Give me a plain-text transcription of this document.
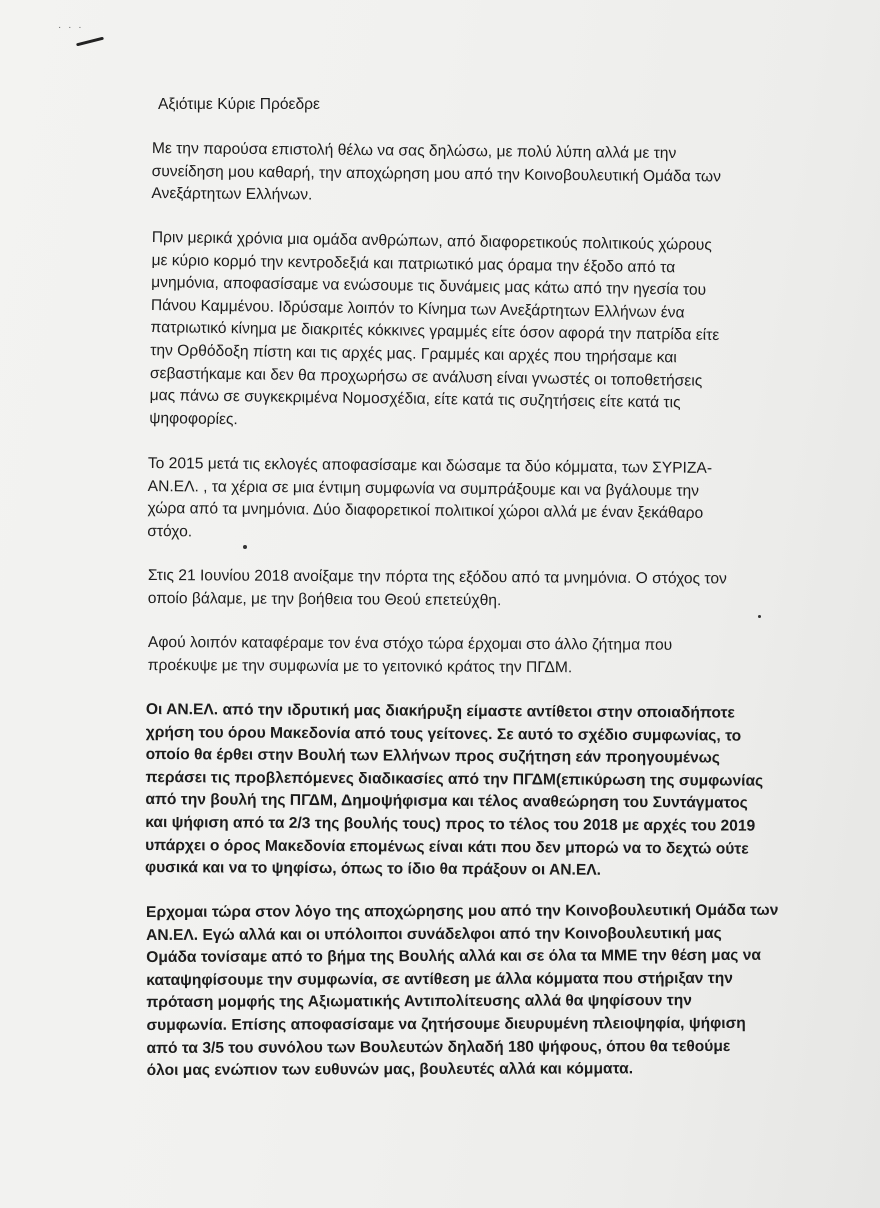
· · ·

Αξιότιμε Κύριε Πρόεδρε

Με την παρούσα επιστολή θέλω να σας δηλώσω, με πολύ λύπη αλλά με την
συνείδηση μου καθαρή, την αποχώρηση μου από την Κοινοβουλευτική Ομάδα των
Ανεξάρτητων Ελλήνων.

Πριν μερικά χρόνια μια ομάδα ανθρώπων, από διαφορετικούς πολιτικούς χώρους
με κύριο κορμό την κεντροδεξιά και πατριωτικό μας όραμα την έξοδο από τα
μνημόνια, αποφασίσαμε να ενώσουμε τις δυνάμεις μας κάτω από την ηγεσία του
Πάνου Καμμένου. Ιδρύσαμε λοιπόν το Κίνημα των Ανεξάρτητων Ελλήνων ένα
πατριωτικό κίνημα με διακριτές κόκκινες γραμμές είτε όσον αφορά την πατρίδα είτε
την Ορθόδοξη πίστη και τις αρχές μας. Γραμμές και αρχές που τηρήσαμε και
σεβαστήκαμε και δεν θα προχωρήσω σε ανάλυση είναι γνωστές οι τοποθετήσεις
μας πάνω σε συγκεκριμένα Νομοσχέδια, είτε κατά τις συζητήσεις είτε κατά τις
ψηφοφορίες.

Το 2015 μετά τις εκλογές αποφασίσαμε και δώσαμε τα δύο κόμματα, των ΣΥΡΙΖΑ-
ΑΝ.ΕΛ. , τα χέρια σε μια έντιμη συμφωνία να συμπράξουμε και να βγάλουμε την
χώρα από τα μνημόνια. Δύο διαφορετικοί πολιτικοί χώροι αλλά με έναν ξεκάθαρο
στόχο.

Στις 21 Ιουνίου 2018 ανοίξαμε την πόρτα της εξόδου από τα μνημόνια. Ο στόχος τον
οποίο βάλαμε, με την βοήθεια του Θεού επετεύχθη.

Αφού λοιπόν καταφέραμε τον ένα στόχο τώρα έρχομαι στο άλλο ζήτημα που
προέκυψε με την συμφωνία με το γειτονικό κράτος την ΠΓΔΜ.

Οι ΑΝ.ΕΛ. από την ιδρυτική μας διακήρυξη είμαστε αντίθετοι στην οποιαδήποτε
χρήση του όρου Μακεδονία από τους γείτονες. Σε αυτό το σχέδιο συμφωνίας, το
οποίο θα έρθει στην Βουλή των Ελλήνων προς συζήτηση εάν προηγουμένως
περάσει τις προβλεπόμενες διαδικασίες από την ΠΓΔΜ(επικύρωση της συμφωνίας
από την βουλή της ΠΓΔΜ, Δημοψήφισμα και τέλος αναθεώρηση του Συντάγματος
και ψήφιση από τα 2/3 της βουλής τους) προς το τέλος του 2018 με αρχές του 2019
υπάρχει ο όρος Μακεδονία επομένως είναι κάτι που δεν μπορώ να το δεχτώ ούτε
φυσικά και να το ψηφίσω, όπως το ίδιο θα πράξουν οι ΑΝ.ΕΛ.

Ερχομαι τώρα στον λόγο της αποχώρησης μου από την Κοινοβουλευτική Ομάδα των
ΑΝ.ΕΛ. Εγώ αλλά και οι υπόλοιποι συνάδελφοι από την Κοινοβουλευτική μας
Ομάδα τονίσαμε από το βήμα της Βουλής αλλά και σε όλα τα ΜΜΕ την θέση μας να
καταψηφίσουμε την συμφωνία, σε αντίθεση με άλλα κόμματα που στήριξαν την
πρόταση μομφής της Αξιωματικής Αντιπολίτευσης αλλά θα ψηφίσουν την
συμφωνία. Επίσης αποφασίσαμε να ζητήσουμε διευρυμένη πλειοψηφία, ψήφιση
από τα 3/5 του συνόλου των Βουλευτών δηλαδή 180 ψήφους, όπου θα τεθούμε
όλοι μας ενώπιον των ευθυνών μας, βουλευτές αλλά και κόμματα.
